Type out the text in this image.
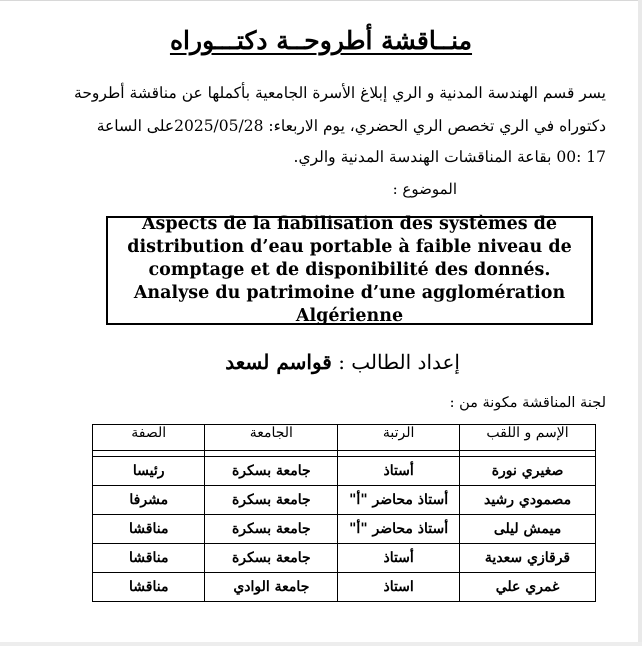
منــاقشة أطروحــة دكتـــوراه
يسر قسم الهندسة المدنية و الري إبلاغ الأسرة الجامعية بأكملها عن مناقشة أطروحة
دكتوراه في الري تخصص الري الحضري، يوم الاربعاء: 2025/05/28على الساعة
17 :00 بقاعة المناقشات الهندسة المدنية والري.
الموضوع :
Aspects de la fiabilisation des systèmes de distribution d’eau portable à faible niveau de comptage et de disponibilité des donnés. Analyse du patrimoine d’une agglomération Algérienne
إعداد الطالب : قواسم لسعد
لجنة المناقشة مكونة من :
الإسم و اللقب	الرتبة	الجامعة	الصفة

صغيري نورة	أستاذ	جامعة بسكرة	رئيسا
مصمودي رشيد	أستاذ محاضر "أ"	جامعة بسكرة	مشرفا
ميمش ليلى	أستاذ محاضر "أ"	جامعة بسكرة	مناقشا
قرقازي سعدية	أستاذ	جامعة بسكرة	مناقشا
غمري علي	استاذ	جامعة الوادي	مناقشا
